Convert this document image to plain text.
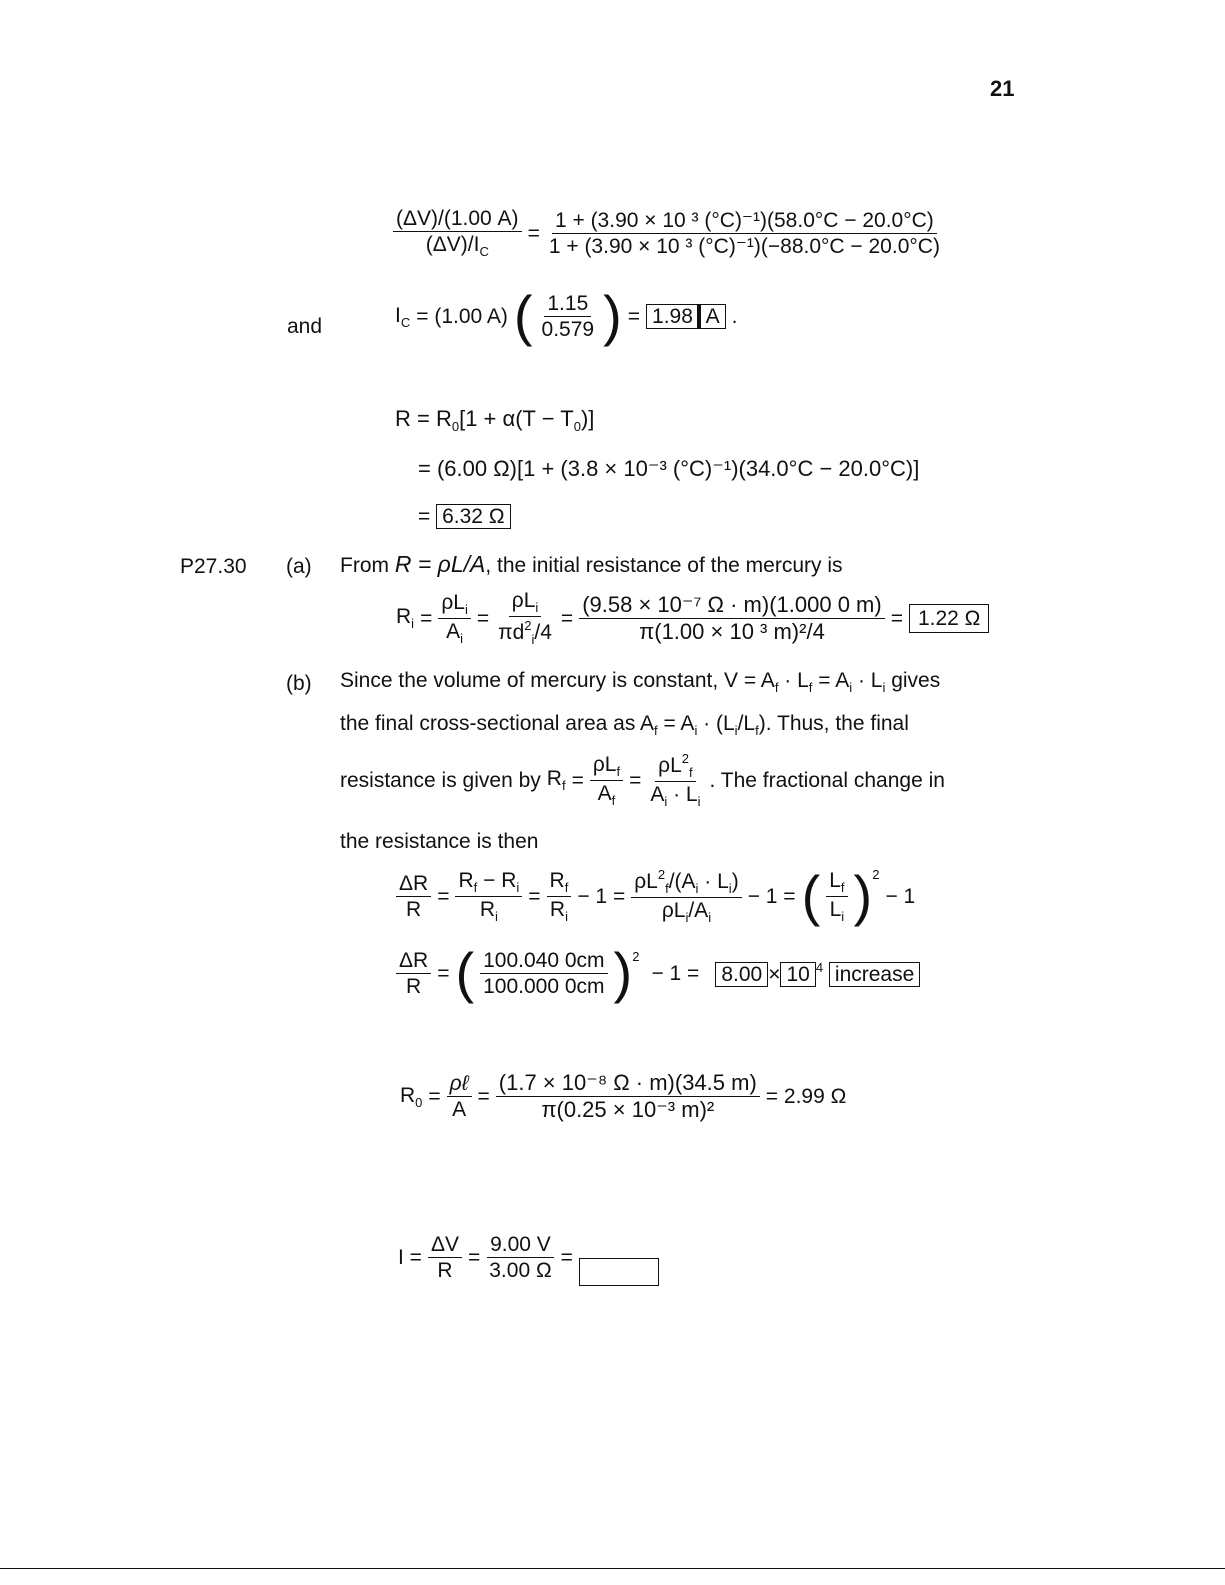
21
$\frac{(\Delta V)/(1.00 A)}{(\Delta V)/I_C} = \frac{\text{1 + (3.90 × 10 ³ (°C)⁻¹)(58.0°C − 20.0°C)}}{\text{1 + (3.90 × 10 ³ (°C)⁻¹)(−88.0°C − 20.0°C)}}$
and	$I_C = (1.00$ A) ( $\frac{1.15}{0.579}$ ) = 1.98 A .
$R = R_0[1 + \alpha(T - T_0)]$
= (6.00 Ω)[1 + (3.8 × 10⁻³ (°C)⁻¹)(34.0°C − 20.0°C)]
= 6.32 Ω
P27.30 (a) From R = ρL/A, the initial resistance of the mercury is
$R_i = \frac{\rho L_i}{A_i} = \frac{\rho L_i}{\pi d^2_i/4} = \frac{\text{(9.58 × 10⁻⁷ Ω · m)(1.000 0 m)}}{\text{π(1.00 × 10 ³ m)²/4}} = 1.22$ Ω
(b) Since the volume of mercury is constant, $V = A_f \cdot L_f = A_i \cdot L_i$ gives
the final cross-sectional area as $A_f = A_i \cdot (L_i/L_f)$. Thus, the final
resistance is given by $R_f = \frac{\rho L_f}{A_f} = \frac{\rho L^2_f}{A_i \cdot L_i}$ . The fractional change in
the resistance is then
$\frac{\Delta R}{R} = \frac{R_f - R_i}{R_i} = \frac{R_f}{R_i} - 1 = \frac{\rho L^2_f/(A_i \cdot L_i)}{\rho L_i/A_i} - 1$ = ( $\frac{L_f}{L_i}$ ) 2
− 1
$\frac{\Delta R}{R}$ = ( $\frac{100.040 0cm}{100.000 0cm}$ ) 2
− 1 = 8.00 × 10 $^4$ increase
$R_0 = \frac{\text{ρℓ}}{A} = \frac{\text{(1.7 × 10⁻⁸ Ω · m)(34.5 m)}}{\text{π(0.25 × 10⁻³ m)²}} = 2.99$ Ω
$I = \frac{\Delta V}{R} = \frac{9.00 V}{3.00 \Omega}$ =
